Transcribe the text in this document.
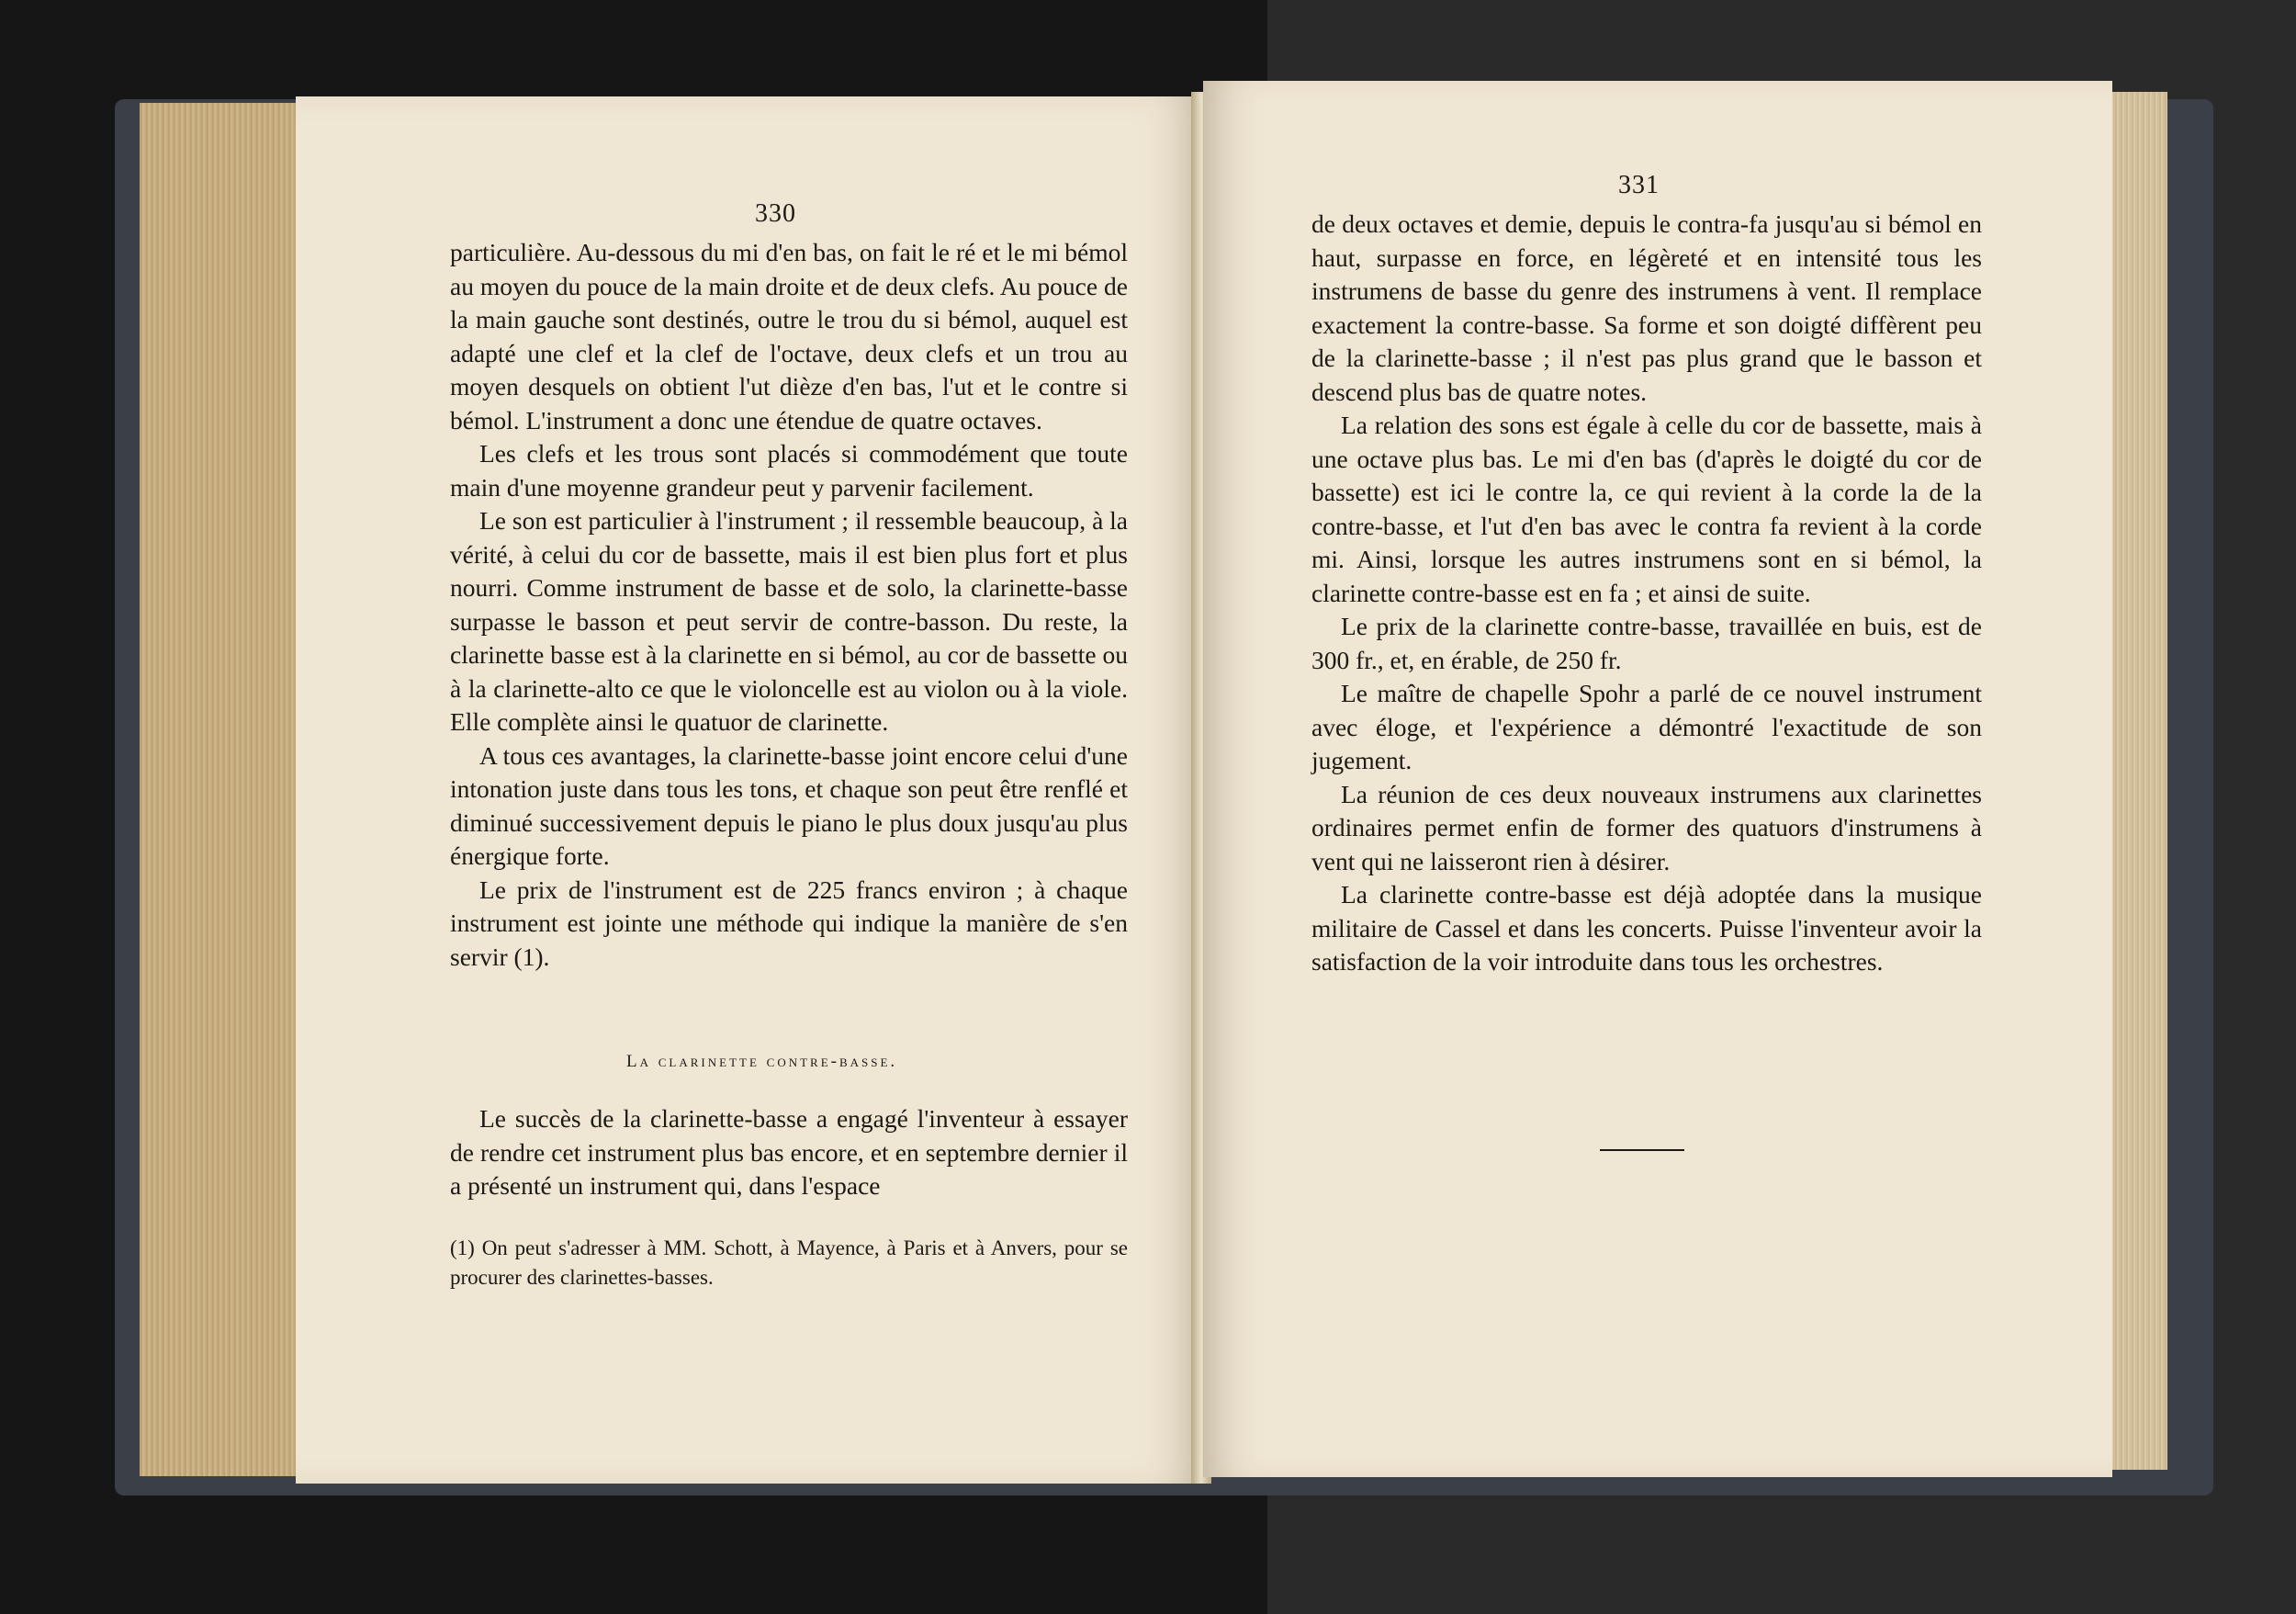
330

particulière. Au-dessous du mi d'en bas, on fait le ré et le mi bémol au moyen du pouce de la main droite et de deux clefs. Au pouce de la main gauche sont destinés, outre le trou du si bémol, auquel est adapté une clef et la clef de l'octave, deux clefs et un trou au moyen desquels on obtient l'ut dièze d'en bas, l'ut et le contre si bémol. L'instrument a donc une étendue de quatre octaves.

Les clefs et les trous sont placés si commodément que toute main d'une moyenne grandeur peut y parvenir facilement.

Le son est particulier à l'instrument ; il ressemble beaucoup, à la vérité, à celui du cor de bassette, mais il est bien plus fort et plus nourri. Comme instrument de basse et de solo, la clarinette-basse surpasse le basson et peut servir de contre-basson. Du reste, la clarinette basse est à la clarinette en si bémol, au cor de bassette ou à la clarinette-alto ce que le violoncelle est au violon ou à la viole. Elle complète ainsi le quatuor de clarinette.

A tous ces avantages, la clarinette-basse joint encore celui d'une intonation juste dans tous les tons, et chaque son peut être renflé et diminué successivement depuis le piano le plus doux jusqu'au plus énergique forte.

Le prix de l'instrument est de 225 francs environ ; à chaque instrument est jointe une méthode qui indique la manière de s'en servir (1).

La clarinette contre-basse.

Le succès de la clarinette-basse a engagé l'inventeur à essayer de rendre cet instrument plus bas encore, et en septembre dernier il a présenté un instrument qui, dans l'espace

(1) On peut s'adresser à MM. Schott, à Mayence, à Paris et à Anvers, pour se procurer des clarinettes-basses.
331

de deux octaves et demie, depuis le contra-fa jusqu'au si bémol en haut, surpasse en force, en légèreté et en intensité tous les instrumens de basse du genre des instrumens à vent. Il remplace exactement la contre-basse. Sa forme et son doigté diffèrent peu de la clarinette-basse ; il n'est pas plus grand que le basson et descend plus bas de quatre notes.

La relation des sons est égale à celle du cor de bassette, mais à une octave plus bas. Le mi d'en bas (d'après le doigté du cor de bassette) est ici le contre la, ce qui revient à la corde la de la contre-basse, et l'ut d'en bas avec le contra fa revient à la corde mi. Ainsi, lorsque les autres instrumens sont en si bémol, la clarinette contre-basse est en fa ; et ainsi de suite.

Le prix de la clarinette contre-basse, travaillée en buis, est de 300 fr., et, en érable, de 250 fr.

Le maître de chapelle Spohr a parlé de ce nouvel instrument avec éloge, et l'expérience a démontré l'exactitude de son jugement.

La réunion de ces deux nouveaux instrumens aux clarinettes ordinaires permet enfin de former des quatuors d'instrumens à vent qui ne laisseront rien à désirer.

La clarinette contre-basse est déjà adoptée dans la musique militaire de Cassel et dans les concerts. Puisse l'inventeur avoir la satisfaction de la voir introduite dans tous les orchestres.
